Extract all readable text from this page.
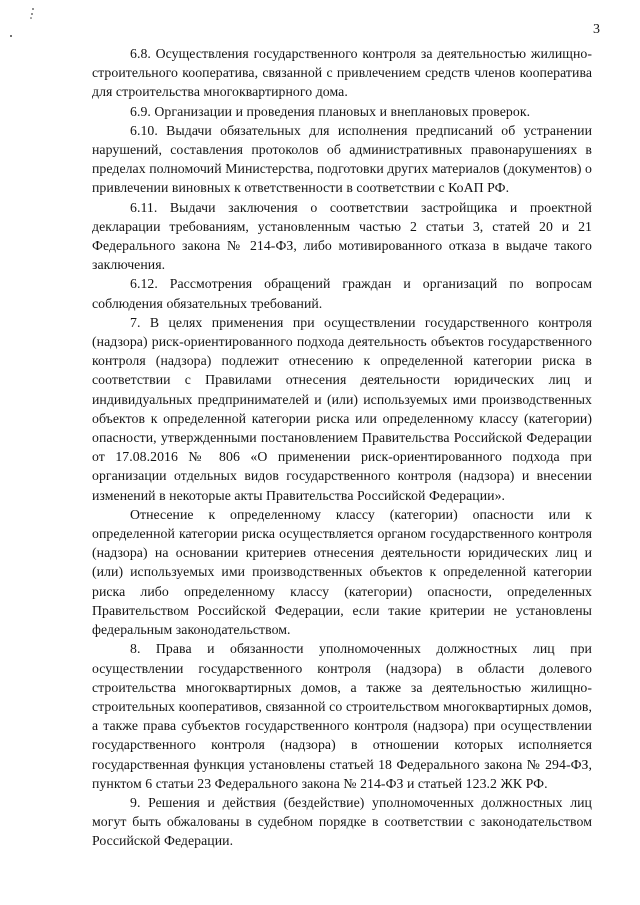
3

6.8. Осуществления государственного контроля за деятельностью жилищно-строительного кооператива, связанной с привлечением средств членов кооператива для строительства многоквартирного дома.

6.9. Организации и проведения плановых и внеплановых проверок.

6.10. Выдачи обязательных для исполнения предписаний об устранении нарушений, составления протоколов об административных правонарушениях в пределах полномочий Министерства, подготовки других материалов (документов) о привлечении виновных к ответственности в соответствии с КоАП РФ.

6.11. Выдачи заключения о соответствии застройщика и проектной декларации требованиям, установленным частью 2 статьи 3, статей 20 и 21 Федерального закона № 214-ФЗ, либо мотивированного отказа в выдаче такого заключения.

6.12. Рассмотрения обращений граждан и организаций по вопросам соблюдения обязательных требований.

7. В целях применения при осуществлении государственного контроля (надзора) риск-ориентированного подхода деятельность объектов государственного контроля (надзора) подлежит отнесению к определенной категории риска в соответствии с Правилами отнесения деятельности юридических лиц и индивидуальных предпринимателей и (или) используемых ими производственных объектов к определенной категории риска или определенному классу (категории) опасности, утвержденными постановлением Правительства Российской Федерации от 17.08.2016 № 806 «О применении риск-ориентированного подхода при организации отдельных видов государственного контроля (надзора) и внесении изменений в некоторые акты Правительства Российской Федерации».

Отнесение к определенному классу (категории) опасности или к определенной категории риска осуществляется органом государственного контроля (надзора) на основании критериев отнесения деятельности юридических лиц и (или) используемых ими производственных объектов к определенной категории риска либо определенному классу (категории) опасности, определенных Правительством Российской Федерации, если такие критерии не установлены федеральным законодательством.

8. Права и обязанности уполномоченных должностных лиц при осуществлении государственного контроля (надзора) в области долевого строительства многоквартирных домов, а также за деятельностью жилищно-строительных кооперативов, связанной со строительством многоквартирных домов, а также права субъектов государственного контроля (надзора) при осуществлении государственного контроля (надзора) в отношении которых исполняется государственная функция установлены статьей 18 Федерального закона № 294-ФЗ, пунктом 6 статьи 23 Федерального закона № 214-ФЗ и статьей 123.2 ЖК РФ.

9. Решения и действия (бездействие) уполномоченных должностных лиц могут быть обжалованы в судебном порядке в соответствии с законодательством Российской Федерации.
